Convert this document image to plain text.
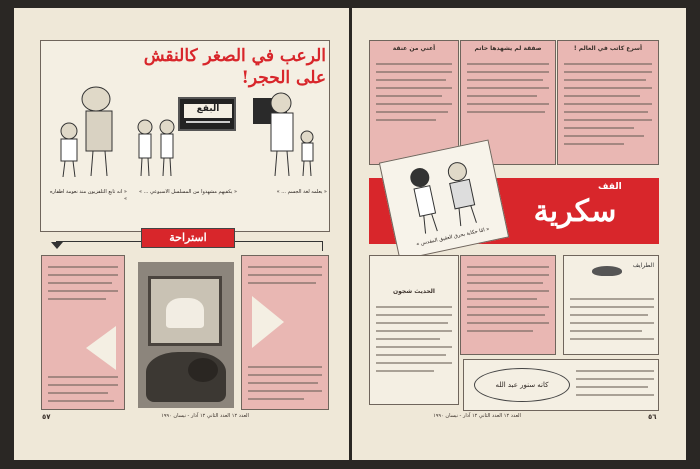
الرعب في الصغر كالنقش على الحجر!
البقع
« آنه تابع التلفزيون منذ نعومة أظفاره »
« يكفيهم مشهدوا من المسلسل الاسبوعي ... »	« يعلمه لغة الجسم ... »
استراحة
٥٧	العدد ١٢ العدد الثاني ١٢ آذار - نيسان ١٩٩٠
أعني من عنقة	صفقة لم يشهدها حاتم	أسرع كاتب في العالم !
القف
سكرية
« أمّا حكاية بحرق العقيق المقدس »
الحديث شجون
الطرايف
كانه سنور عبد الله
٥٦
العدد ١٢ العدد الثاني ١٢ آذار - نيسان ١٩٩٠
